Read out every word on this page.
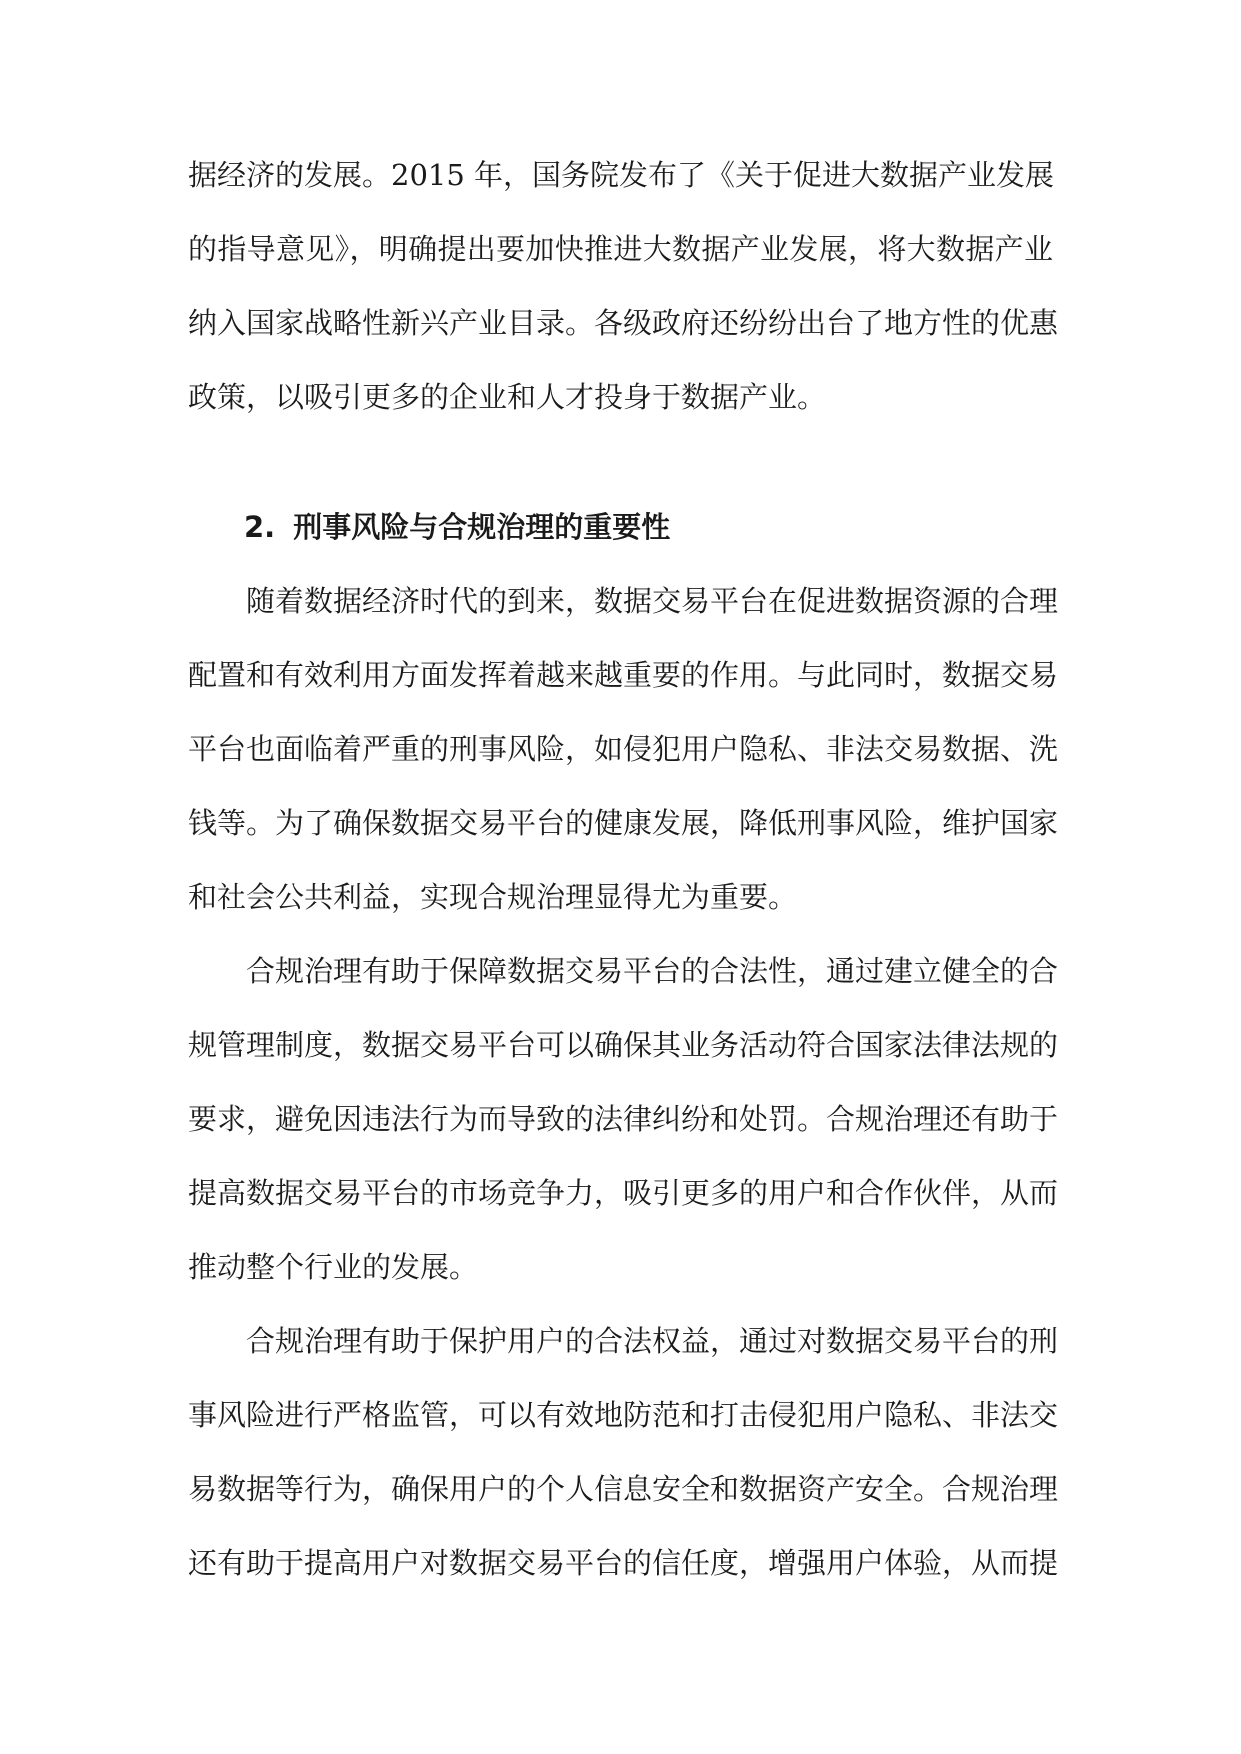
据经济的发展。2015 年，国务院发布了《关于促进大数据产业发展
的指导意见》，明确提出要加快推进大数据产业发展，将大数据产业
纳入国家战略性新兴产业目录。各级政府还纷纷出台了地方性的优惠
政策，以吸引更多的企业和人才投身于数据产业。
2. 刑事风险与合规治理的重要性
随着数据经济时代的到来，数据交易平台在促进数据资源的合理
配置和有效利用方面发挥着越来越重要的作用。与此同时，数据交易
平台也面临着严重的刑事风险，如侵犯用户隐私、非法交易数据、洗
钱等。为了确保数据交易平台的健康发展，降低刑事风险，维护国家
和社会公共利益，实现合规治理显得尤为重要。
合规治理有助于保障数据交易平台的合法性，通过建立健全的合
规管理制度，数据交易平台可以确保其业务活动符合国家法律法规的
要求，避免因违法行为而导致的法律纠纷和处罚。合规治理还有助于
提高数据交易平台的市场竞争力，吸引更多的用户和合作伙伴，从而
推动整个行业的发展。
合规治理有助于保护用户的合法权益，通过对数据交易平台的刑
事风险进行严格监管，可以有效地防范和打击侵犯用户隐私、非法交
易数据等行为，确保用户的个人信息安全和数据资产安全。合规治理
还有助于提高用户对数据交易平台的信任度，增强用户体验，从而提
